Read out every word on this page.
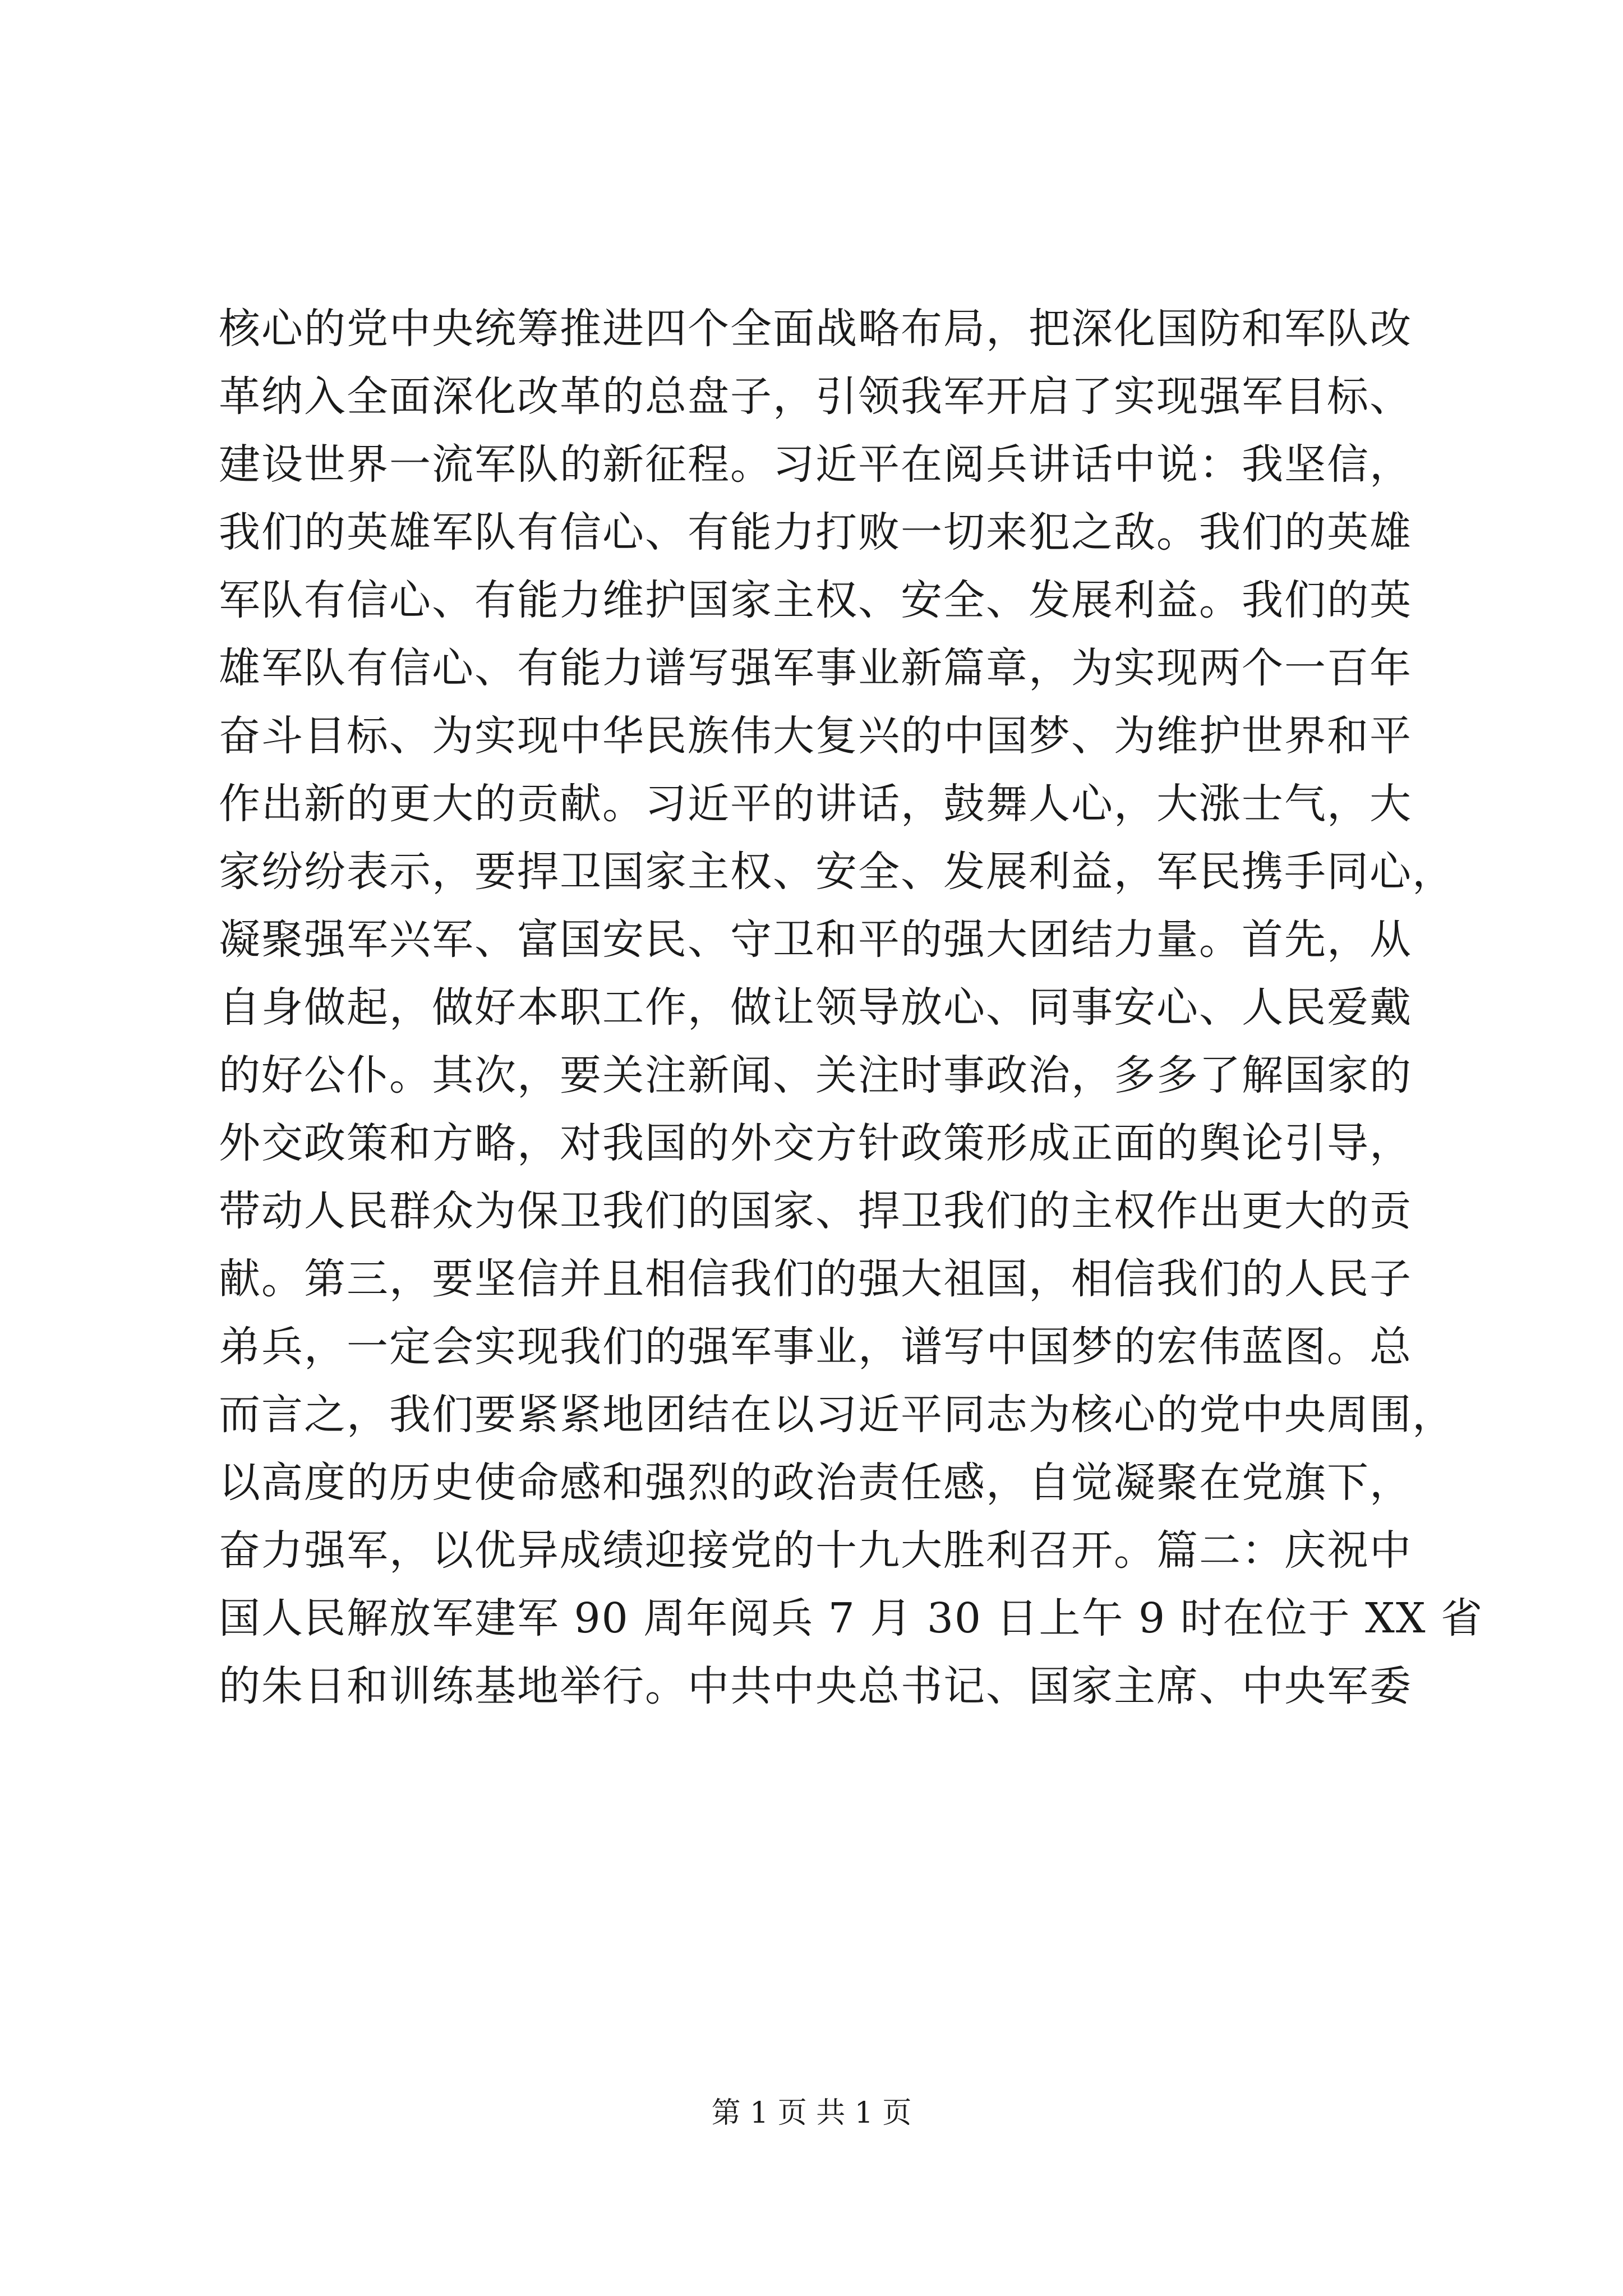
核心的党中央统筹推进四个全面战略布局，把深化国防和军队改
革纳入全面深化改革的总盘子，引领我军开启了实现强军目标、
建设世界一流军队的新征程。习近平在阅兵讲话中说：我坚信，
我们的英雄军队有信心、有能力打败一切来犯之敌。我们的英雄
军队有信心、有能力维护国家主权、安全、发展利益。我们的英
雄军队有信心、有能力谱写强军事业新篇章，为实现两个一百年
奋斗目标、为实现中华民族伟大复兴的中国梦、为维护世界和平
作出新的更大的贡献。习近平的讲话，鼓舞人心，大涨士气，大
家纷纷表示，要捍卫国家主权、安全、发展利益，军民携手同心，
凝聚强军兴军、富国安民、守卫和平的强大团结力量。首先，从
自身做起，做好本职工作，做让领导放心、同事安心、人民爱戴
的好公仆。其次，要关注新闻、关注时事政治，多多了解国家的
外交政策和方略，对我国的外交方针政策形成正面的舆论引导，
带动人民群众为保卫我们的国家、捍卫我们的主权作出更大的贡
献。第三，要坚信并且相信我们的强大祖国，相信我们的人民子
弟兵，一定会实现我们的强军事业，谱写中国梦的宏伟蓝图。总
而言之，我们要紧紧地团结在以习近平同志为核心的党中央周围，
以高度的历史使命感和强烈的政治责任感，自觉凝聚在党旗下，
奋力强军，以优异成绩迎接党的十九大胜利召开。篇二：庆祝中
国人民解放军建军 90 周年阅兵 7 月 30 日上午 9 时在位于 XX 省
的朱日和训练基地举行。中共中央总书记、国家主席、中央军委
第 1 页 共 1 页
